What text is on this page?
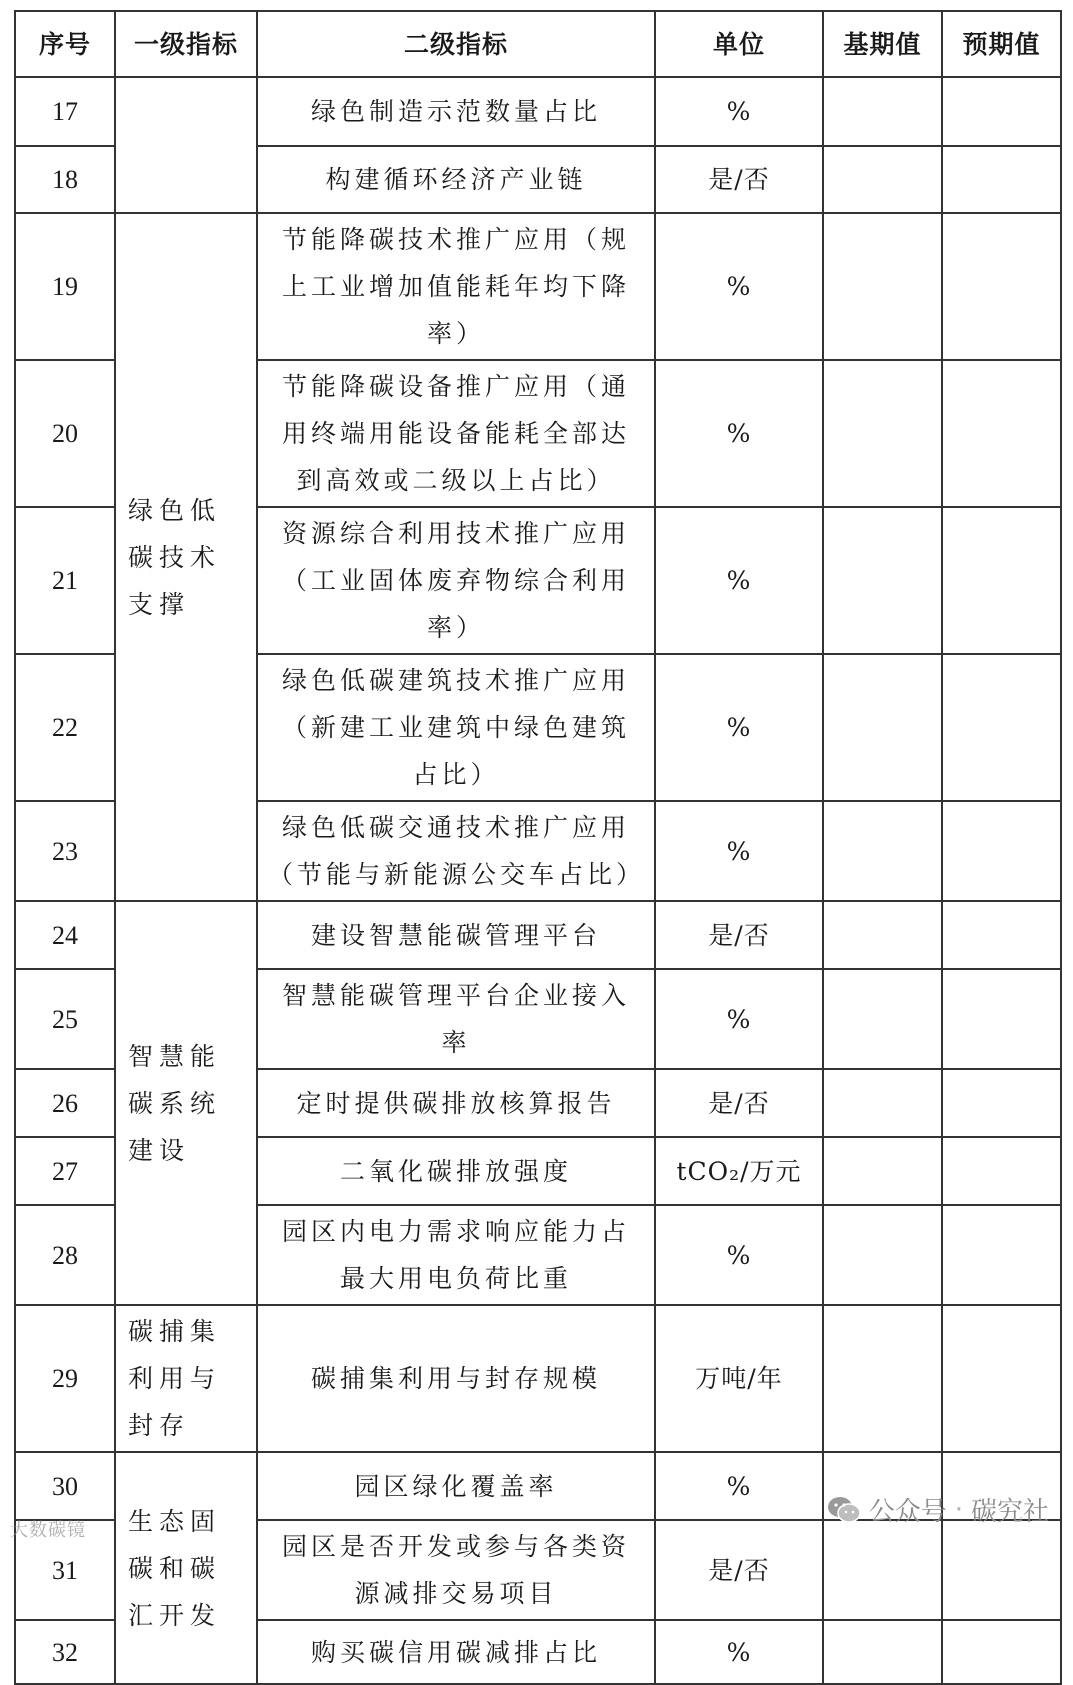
序号	一级指标	二级指标	单位	基期值	预期值
17		绿色制造示范数量占比	%		
18		构建循环经济产业链	是/否		
19	绿色低碳技术支撑	节能降碳技术推广应用（规上工业增加值能耗年均下降率）	%		
20		节能降碳设备推广应用（通用终端用能设备能耗全部达到高效或二级以上占比）	%		
21		资源综合利用技术推广应用（工业固体废弃物综合利用率）	%		
22		绿色低碳建筑技术推广应用（新建工业建筑中绿色建筑占比）	%		
23		绿色低碳交通技术推广应用（节能与新能源公交车占比）	%		
24	智慧能碳系统建设	建设智慧能碳管理平台	是/否		
25		智慧能碳管理平台企业接入率	%		
26		定时提供碳排放核算报告	是/否		
27		二氧化碳排放强度	tCO₂/万元		
28		园区内电力需求响应能力占最大用电负荷比重	%		
29	碳捕集利用与封存	碳捕集利用与封存规模	万吨/年		
30	生态固碳和碳汇开发	园区绿化覆盖率	%		
31		园区是否开发或参与各类资源减排交易项目	是/否		
32		购买碳信用碳减排占比	%		
大数碳镜
公众号 · 碳究社
